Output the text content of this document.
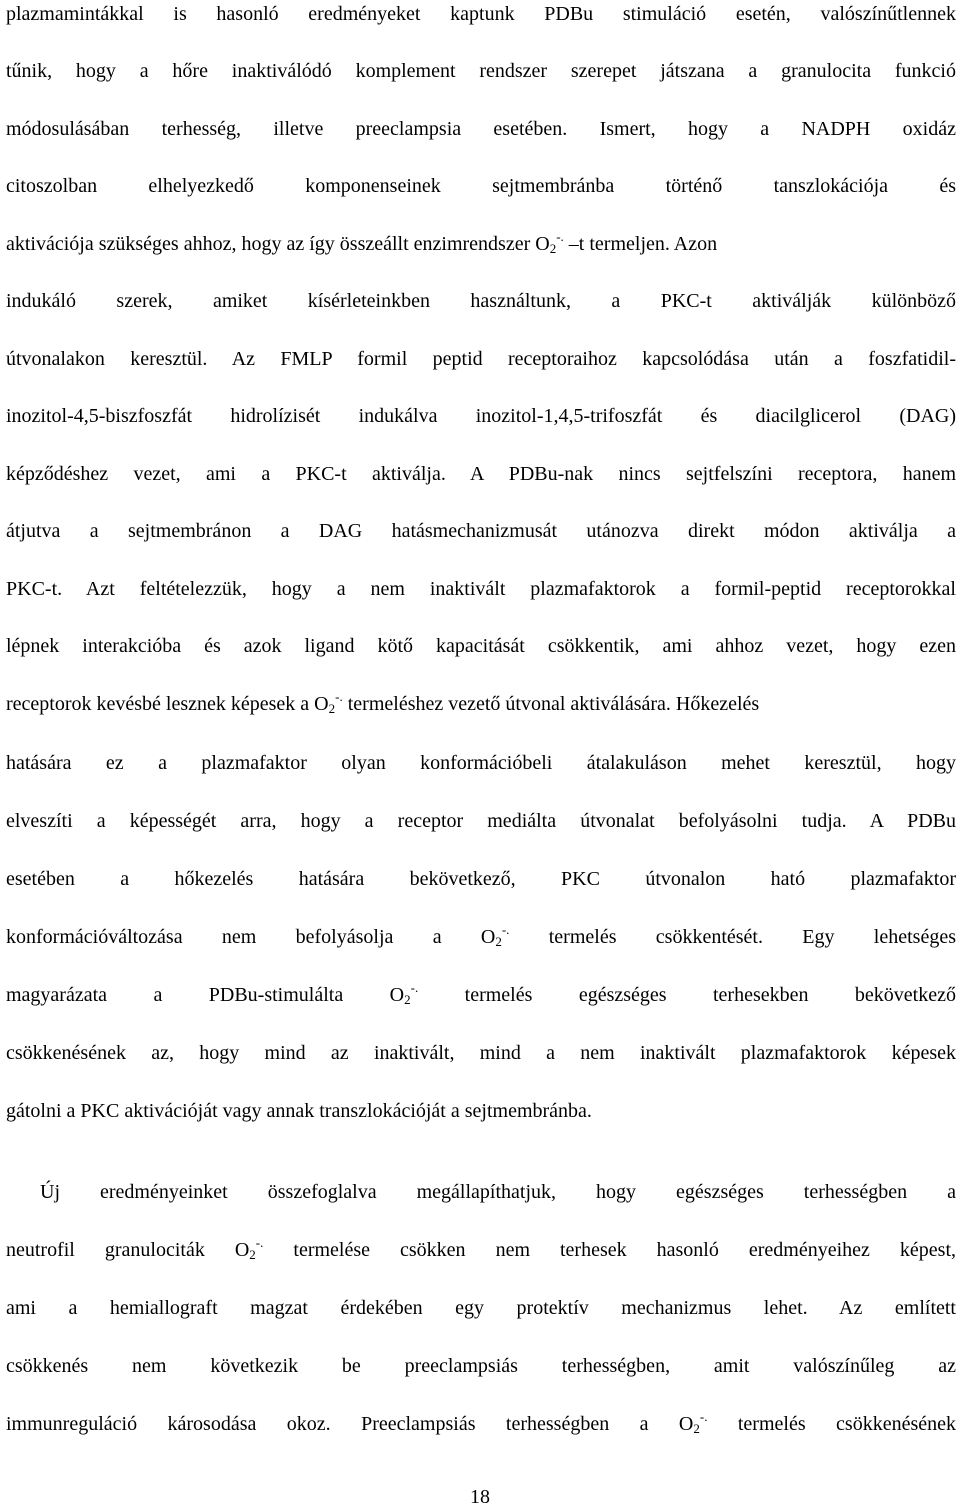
plazmamintákkal is hasonló eredményeket kaptunk PDBu stimuláció esetén, valószínűtlennek
tűnik, hogy a hőre inaktiválódó komplement rendszer szerepet játszana a granulocita funkció
módosulásában terhesség, illetve preeclampsia esetében. Ismert, hogy a NADPH oxidáz
citoszolban elhelyezkedő komponenseinek sejtmembránba történő tanszlokációja és
aktivációja szükséges ahhoz, hogy az így összeállt enzimrendszer $O_2^{-.}$ –t termeljen. Azon
indukáló szerek, amiket kísérleteinkben használtunk, a PKC-t aktiválják különböző
útvonalakon keresztül. Az FMLP formil peptid receptoraihoz kapcsolódása után a foszfatidil-
inozitol-4,5-biszfoszfát hidrolízisét indukálva inozitol-1,4,5-trifoszfát és diacilglicerol (DAG)
képződéshez vezet, ami a PKC-t aktiválja. A PDBu-nak nincs sejtfelszíni receptora, hanem
átjutva a sejtmembránon a DAG hatásmechanizmusát utánozva direkt módon aktiválja a
PKC-t. Azt feltételezzük, hogy a nem inaktivált plazmafaktorok a formil-peptid receptorokkal
lépnek interakcióba és azok ligand kötő kapacitását csökkentik, ami ahhoz vezet, hogy ezen
receptorok kevésbé lesznek képesek a $O_2^{-.}$ termeléshez vezető útvonal aktiválására. Hőkezelés
hatására ez a plazmafaktor olyan konformációbeli átalakuláson mehet keresztül, hogy
elveszíti a képességét arra, hogy a receptor mediálta útvonalat befolyásolni tudja. A PDBu
esetében a hőkezelés hatására bekövetkező, PKC útvonalon ható plazmafaktor
konformációváltozása nem befolyásolja a $O_2^{-.}$ termelés csökkentését. Egy lehetséges
magyarázata a PDBu-stimulálta $O_2^{-.}$ termelés egészséges terhesekben bekövetkező
csökkenésének az, hogy mind az inaktivált, mind a nem inaktivált plazmafaktorok képesek
gátolni a PKC aktivációját vagy annak transzlokációját a sejtmembránba.
Új eredményeinket összefoglalva megállapíthatjuk, hogy egészséges terhességben a
neutrofil granulociták $O_2^{-.}$ termelése csökken nem terhesek hasonló eredményeihez képest,
ami a hemiallograft magzat érdekében egy protektív mechanizmus lehet. Az említett
csökkenés nem következik be preeclampsiás terhességben, amit valószínűleg az
immunreguláció károsodása okoz. Preeclampsiás terhességben a $O_2^{-.}$ termelés csökkenésének
18
